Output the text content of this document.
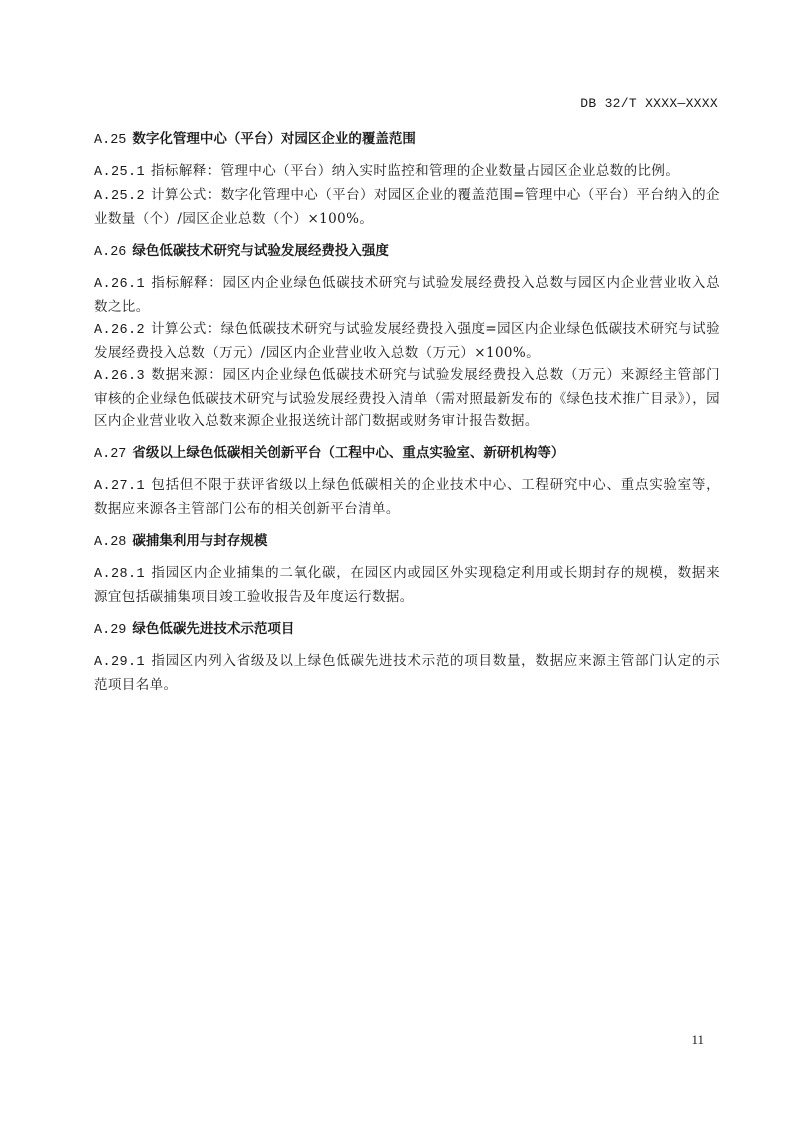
DB 32/T XXXX—XXXX
A.25 数字化管理中心（平台）对园区企业的覆盖范围

A.25.1 指标解释：管理中心（平台）纳入实时监控和管理的企业数量占园区企业总数的比例。

A.25.2 计算公式：数字化管理中心（平台）对园区企业的覆盖范围=管理中心（平台）平台纳入的企业数量（个）/园区企业总数（个）×100%。

A.26 绿色低碳技术研究与试验发展经费投入强度

A.26.1 指标解释：园区内企业绿色低碳技术研究与试验发展经费投入总数与园区内企业营业收入总数之比。

A.26.2 计算公式：绿色低碳技术研究与试验发展经费投入强度=园区内企业绿色低碳技术研究与试验发展经费投入总数（万元）/园区内企业营业收入总数（万元）×100%。

A.26.3 数据来源：园区内企业绿色低碳技术研究与试验发展经费投入总数（万元）来源经主管部门审核的企业绿色低碳技术研究与试验发展经费投入清单（需对照最新发布的《绿色技术推广目录》），园区内企业营业收入总数来源企业报送统计部门数据或财务审计报告数据。

A.27 省级以上绿色低碳相关创新平台（工程中心、重点实验室、新研机构等）

A.27.1 包括但不限于获评省级以上绿色低碳相关的企业技术中心、工程研究中心、重点实验室等，数据应来源各主管部门公布的相关创新平台清单。

A.28 碳捕集利用与封存规模

A.28.1 指园区内企业捕集的二氧化碳，在园区内或园区外实现稳定利用或长期封存的规模，数据来源宜包括碳捕集项目竣工验收报告及年度运行数据。

A.29 绿色低碳先进技术示范项目

A.29.1 指园区内列入省级及以上绿色低碳先进技术示范的项目数量，数据应来源主管部门认定的示范项目名单。

11
